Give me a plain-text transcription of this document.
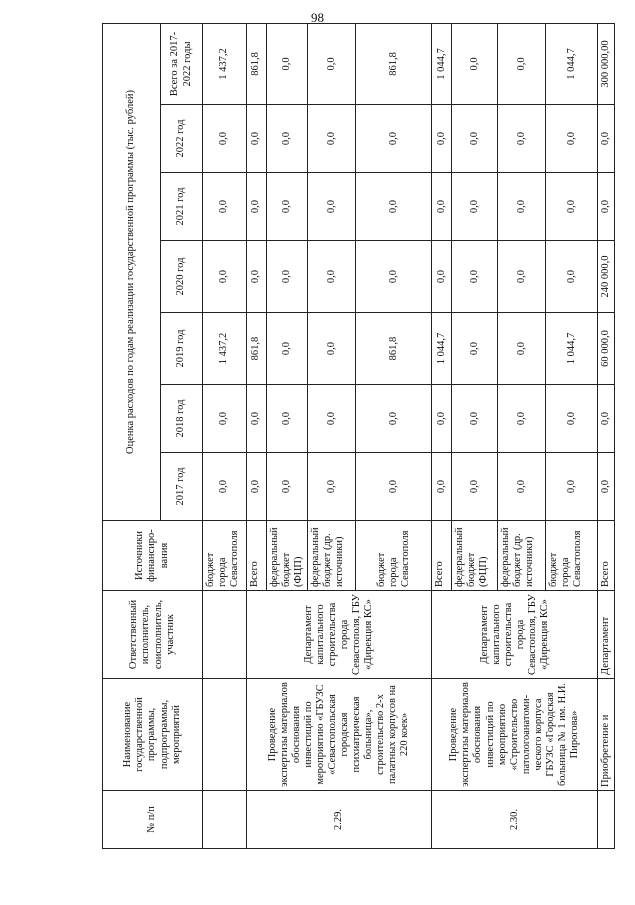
98
№ п/п	Наименование государственной программы, подпрограммы, мероприятий	Ответственный исполнитель, соисполнитель, участник	Источники финансиро-вания	Оценка расходов по годам реализации государственной программы (тыс. рублей)						
				2017 год	2018 год	2019 год	2020 год	2021 год	2022 год	Всего за 2017-2022 годы
			бюджет города Севастополя	0,0	0,0	1 437,2	0,0	0,0	0,0	1 437,2
2.29.	Проведение экспертизы материалов обоснования инвестиций по мероприятию «ГБУЗС «Севастопольская городская психиатрическая больница», строительство 2-х палатных корпусов на 220 коек»	Департамент капитального строительства города Севастополя, ГБУ «Дирекция КС»	Всего	0,0	0,0	861,8	0,0	0,0	0,0	861,8
			федеральный бюджет (ФЦП)	0,0	0,0	0,0	0,0	0,0	0,0	0,0
			федеральный бюджет (др. источники)	0,0	0,0	0,0	0,0	0,0	0,0	0,0
			бюджет города Севастополя	0,0	0,0	861,8	0,0	0,0	0,0	861,8
2.30.	Проведение экспертизы материалов обоснования инвестиций по мероприятию «Строительство патологоанатоми-ческого корпуса ГБУЗС «Городская больница № 1 им. Н.И. Пирогова»	Департамент капитального строительства города Севастополя, ГБУ «Дирекция КС»	Всего	0,0	0,0	1 044,7	0,0	0,0	0,0	1 044,7
			федеральный бюджет (ФЦП)	0,0	0,0	0,0	0,0	0,0	0,0	0,0
			федеральный бюджет (др. источники)	0,0	0,0	0,0	0,0	0,0	0,0	0,0
			бюджет города Севастополя	0,0	0,0	1 044,7	0,0	0,0	0,0	1 044,7
	Приобретение и	Департамент	Всего	0,0	0,0	60 000,0	240 000,0	0,0	0,0	300 000,00
